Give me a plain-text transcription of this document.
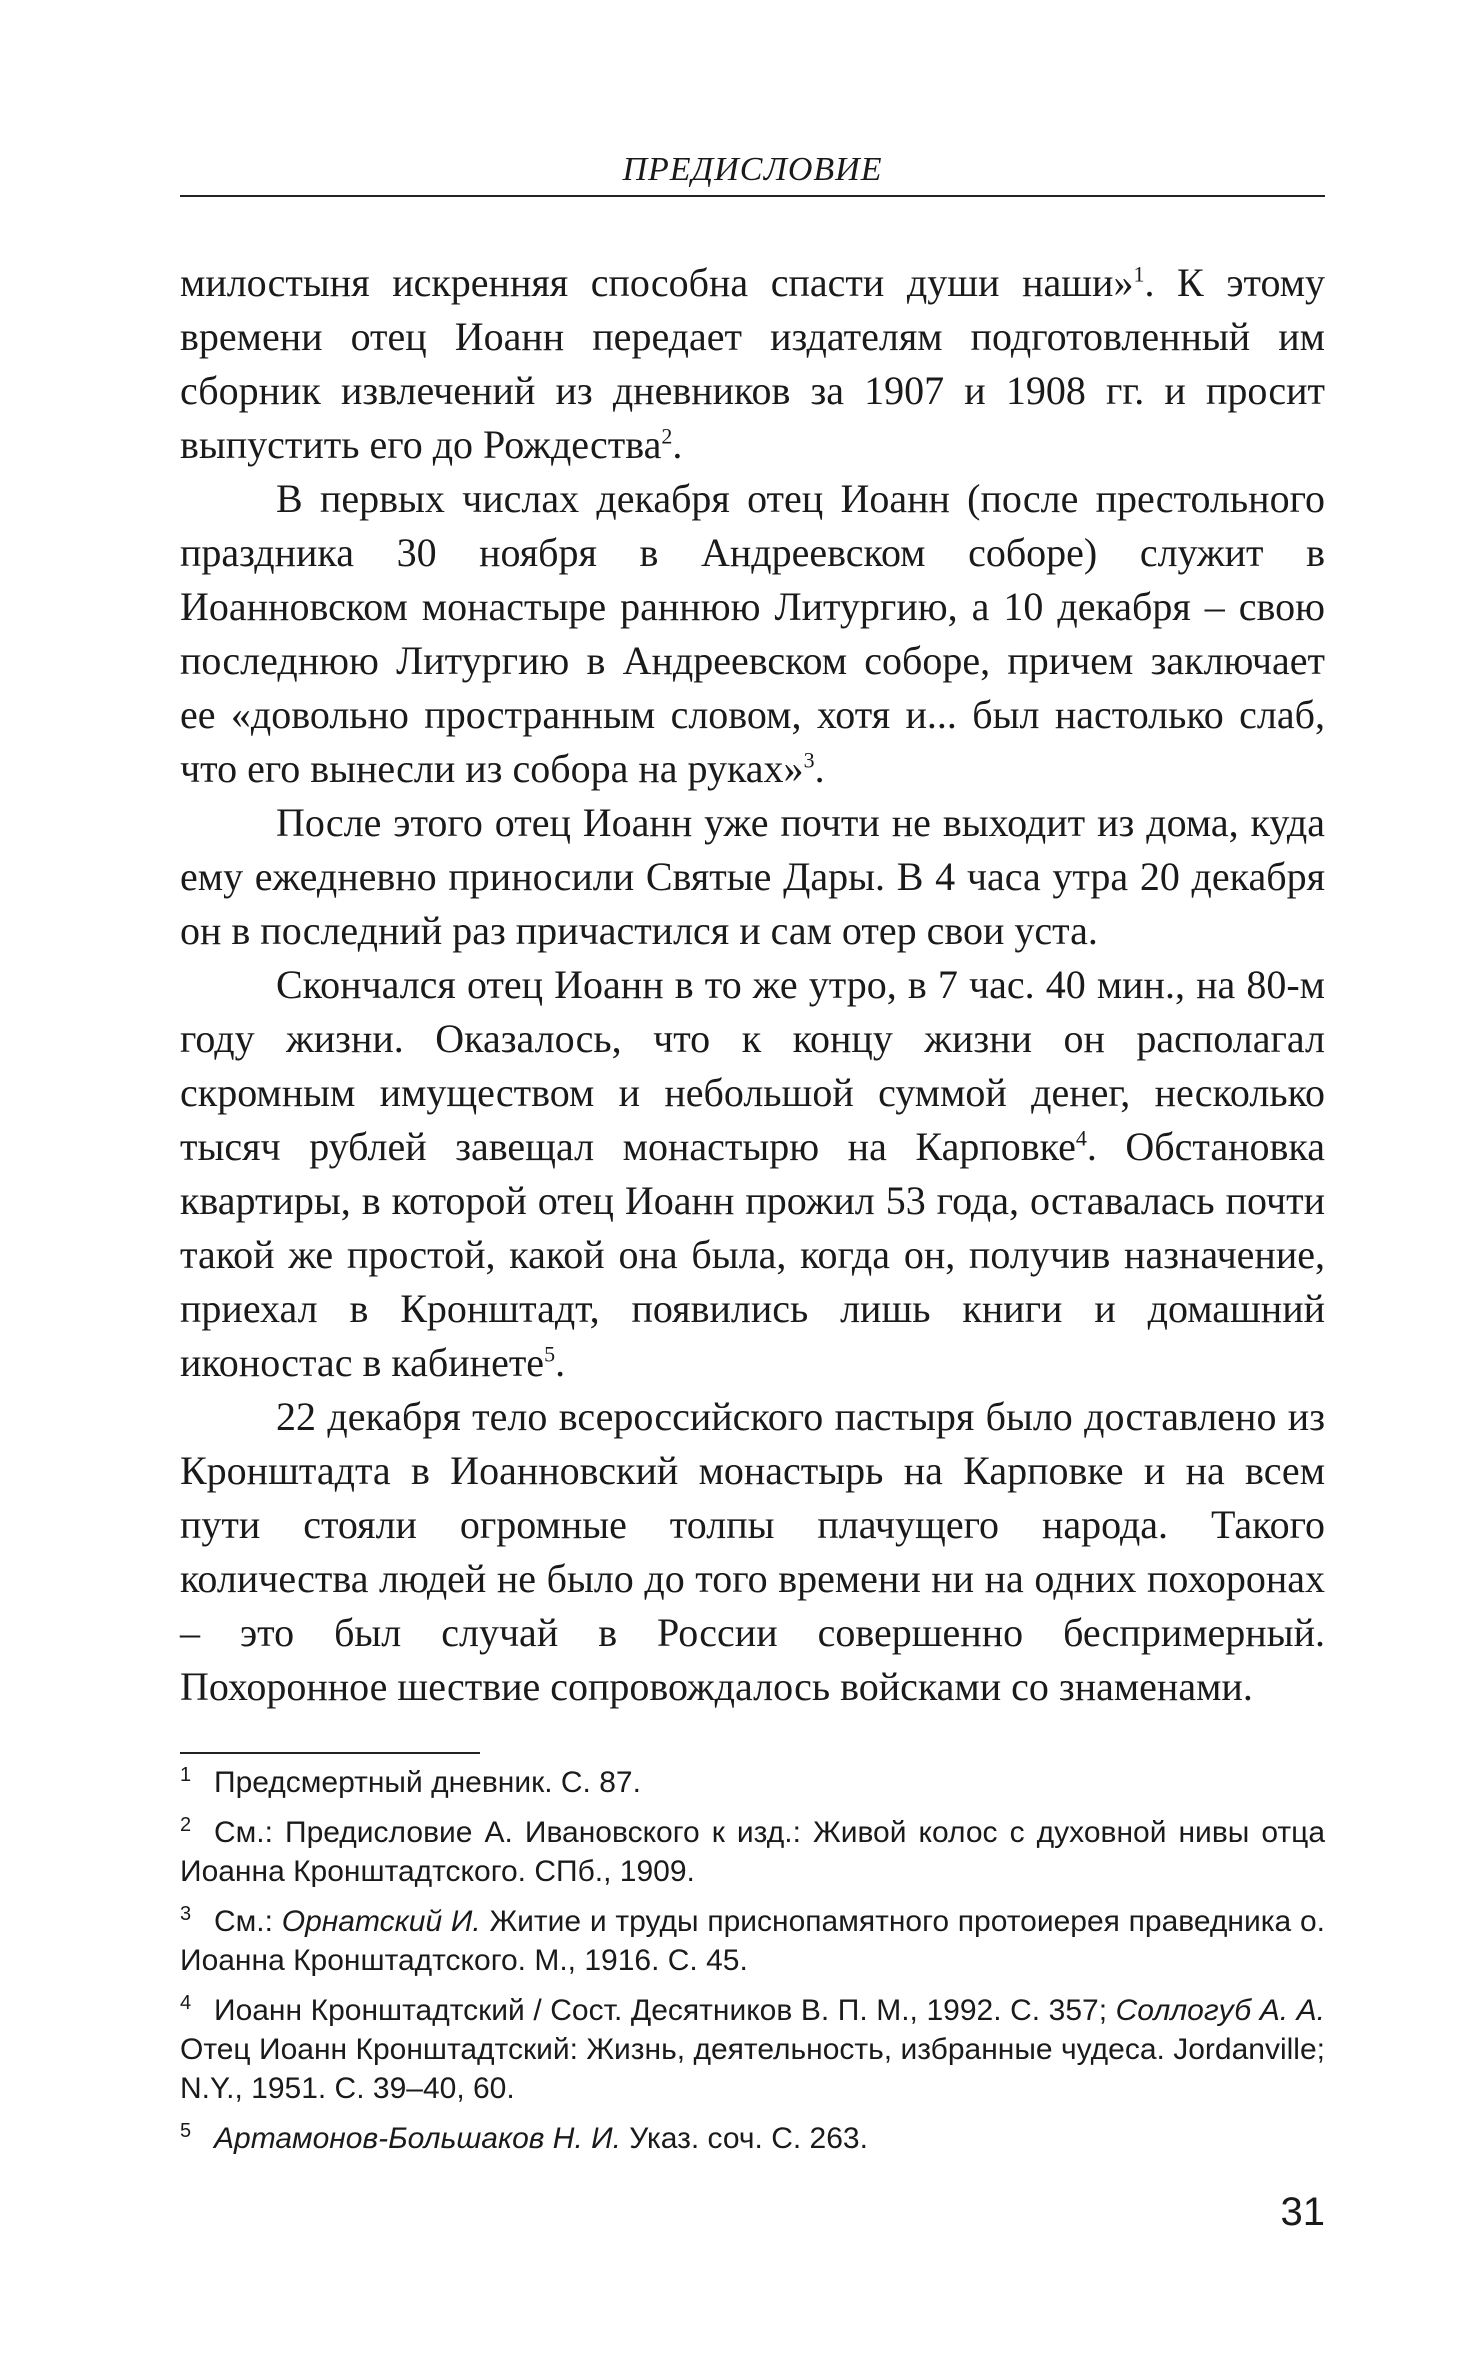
ПРЕДИСЛОВИЕ

милостыня искренняя способна спасти души наши»$^1$. К этому времени отец Иоанн передает издателям подготовленный им сборник извлечений из дневников за 1907 и 1908 гг. и просит выпустить его до Рождества$^2$.

В первых числах декабря отец Иоанн (после престольного праздника 30 ноября в Андреевском соборе) служит в Иоанновском монастыре раннюю Литургию, а 10 декабря – свою последнюю Литургию в Андреевском соборе, причем заключает ее «довольно пространным словом, хотя и... был настолько слаб, что его вынесли из собора на руках»$^3$.

После этого отец Иоанн уже почти не выходит из дома, куда ему ежедневно приносили Святые Дары. В 4 часа утра 20 декабря он в последний раз причастился и сам отер свои уста.

Скончался отец Иоанн в то же утро, в 7 час. 40 мин., на 80-м году жизни. Оказалось, что к концу жизни он располагал скромным имуществом и небольшой суммой денег, несколько тысяч рублей завещал монастырю на Карповке$^4$. Обстановка квартиры, в которой отец Иоанн прожил 53 года, оставалась почти такой же простой, какой она была, когда он, получив назначение, приехал в Кронштадт, появились лишь книги и домашний иконостас в кабинете$^5$.

22 декабря тело всероссийского пастыря было доставлено из Кронштадта в Иоанновский монастырь на Карповке и на всем пути стояли огромные толпы плачущего народа. Такого количества людей не было до того времени ни на одних похоронах – это был случай в России совершенно беспримерный. Похоронное шествие сопровождалось войсками со знаменами.

1 Предсмертный дневник. С. 87.
2 См.: Предисловие А. Ивановского к изд.: Живой колос с духовной нивы отца Иоанна Кронштадтского. СПб., 1909.
3 См.: Орнатский И. Житие и труды приснопамятного протоиерея праведника о. Иоанна Кронштадтского. М., 1916. С. 45.
4 Иоанн Кронштадтский / Сост. Десятников В. П. М., 1992. С. 357; Соллогуб А. А. Отец Иоанн Кронштадтский: Жизнь, деятельность, избранные чудеса. Jordanville; N.Y., 1951. С. 39–40, 60.
5 Артамонов-Большаков Н. И. Указ. соч. С. 263.
31
